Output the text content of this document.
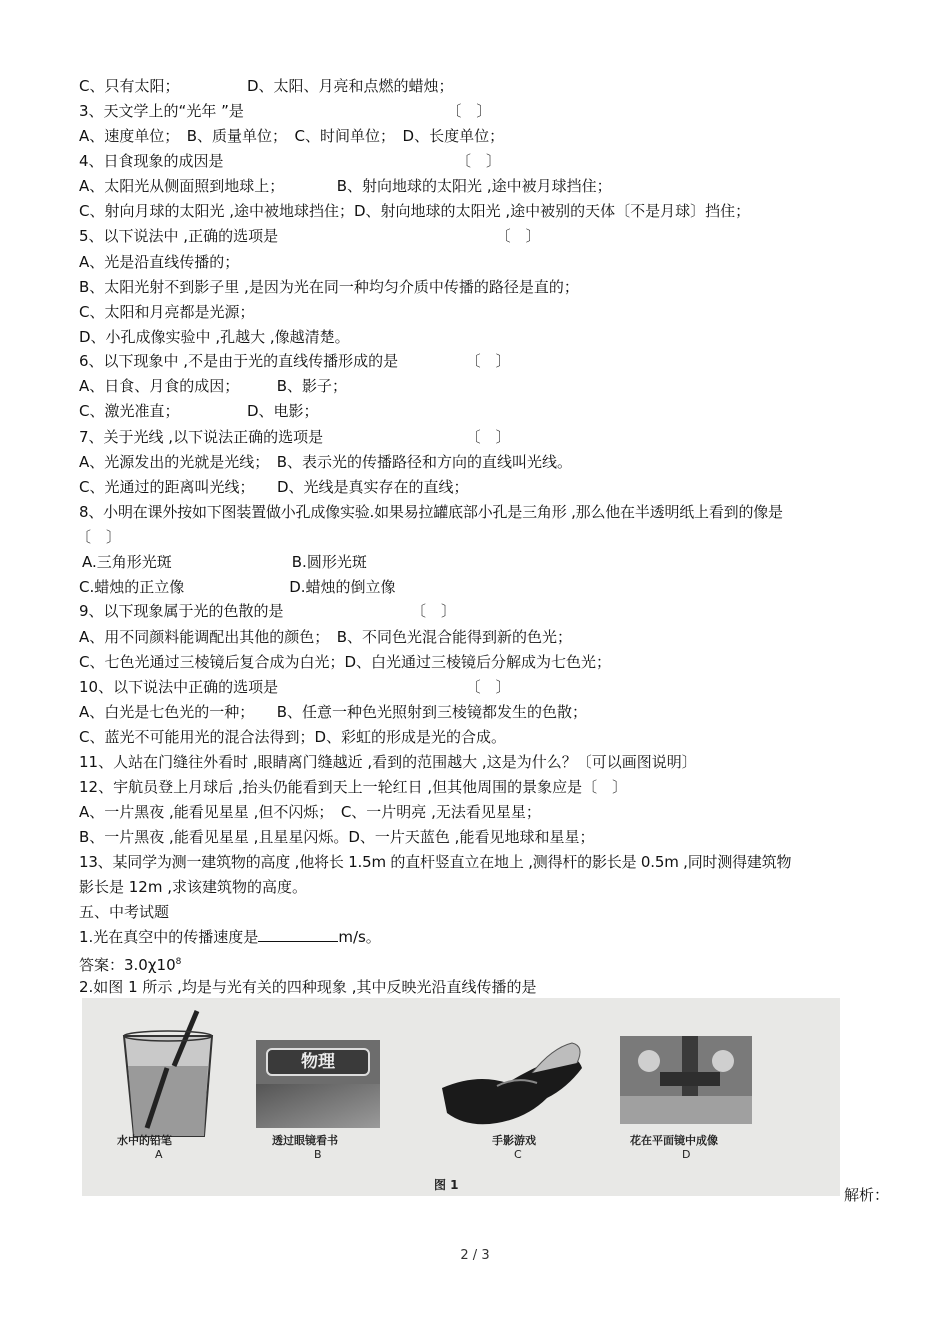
C、只有太阳；　　　　　D、太阳、月亮和点燃的蜡烛；
3、天文学上的“光年 ”是　　　　　　　　　　　　　　〔　〕
A、速度单位；　B、质量单位；　C、时间单位；　D、长度单位；
4、日食现象的成因是　　　　　　　　　　　　　　　　〔　〕
A、太阳光从侧面照到地球上；　　　　B、射向地球的太阳光 ,途中被月球挡住；
C、射向月球的太阳光 ,途中被地球挡住；D、射向地球的太阳光 ,途中被别的天体〔不是月球〕挡住；
5、以下说法中 ,正确的选项是　　　　　　　　　　　　　　　〔　〕
A、光是沿直线传播的；
B、太阳光射不到影子里 ,是因为光在同一种均匀介质中传播的路径是直的；
C、太阳和月亮都是光源；
D、小孔成像实验中 ,孔越大 ,像越清楚。
6、以下现象中 ,不是由于光的直线传播形成的是　　　　　〔　〕
A、日食、月食的成因；　　　B、影子；
C、激光准直；　　　　　D、电影；
7、关于光线 ,以下说法正确的选项是　　　　　　　　　　〔　〕
A、光源发出的光就是光线；　B、表示光的传播路径和方向的直线叫光线。
C、光通过的距离叫光线；　　D、光线是真实存在的直线；
8、小明在课外按如下图装置做小孔成像实验.如果易拉罐底部小孔是三角形 ,那么他在半透明纸上看到的像是
〔　〕
A.三角形光斑　　　　　　　　B.圆形光斑
C.蜡烛的正立像　　　　　　　D.蜡烛的倒立像
9、以下现象属于光的色散的是　　　　　　　　　〔　〕
A、用不同颜料能调配出其他的颜色；　B、不同色光混合能得到新的色光；
C、七色光通过三棱镜后复合成为白光；D、白光通过三棱镜后分解成为七色光；
10、以下说法中正确的选项是　　　　　　　　　　　　　〔　〕
A、白光是七色光的一种；　　B、任意一种色光照射到三棱镜都发生的色散；
C、蓝光不可能用光的混合法得到；D、彩虹的形成是光的合成。
11、人站在门缝往外看时 ,眼睛离门缝越近 ,看到的范围越大 ,这是为什么？〔可以画图说明〕
12、宇航员登上月球后 ,抬头仍能看到天上一轮红日 ,但其他周围的景象应是〔　〕
A、一片黑夜 ,能看见星星 ,但不闪烁；　C、一片明亮 ,无法看见星星；
B、一片黑夜 ,能看见星星 ,且星星闪烁。D、一片天蓝色 ,能看见地球和星星；
13、某同学为测一建筑物的高度 ,他将长 1.5m 的直杆竖直立在地上 ,测得杆的影长是 0.5m ,同时测得建筑物
影长是 12m ,求该建筑物的高度。
五、中考试题
1.光在真空中的传播速度是	m/s。
答案：$3.0\chi 10^8$
2.如图 1 所示 ,均是与光有关的四种现象 ,其中反映光沿直线传播的是
水中的铅笔
A
物理
透过眼镜看书
B
手影游戏
C
花在平面镜中成像
D
图 1
解析：
2 / 3
